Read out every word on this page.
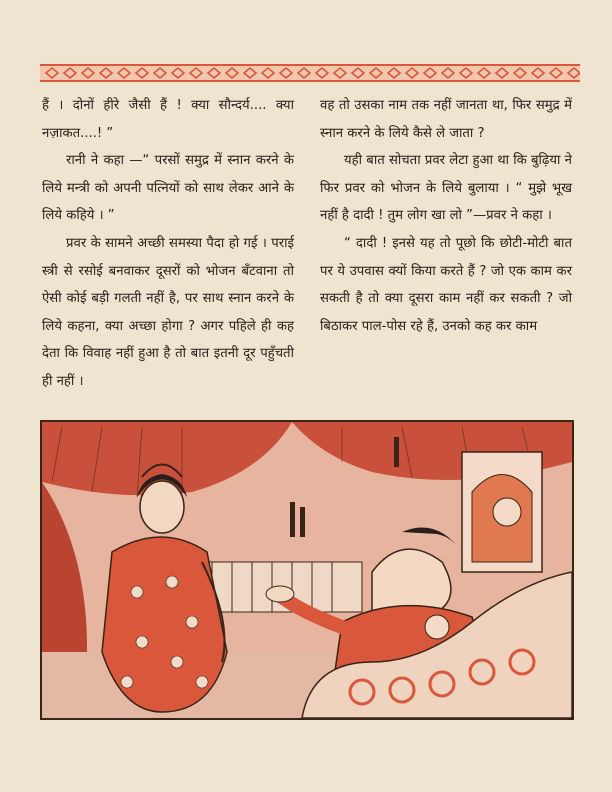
हैं । दोनों हीरे जैसी हैं ! क्या सौन्दर्य.... क्या नज़ाकत....! ”

रानी ने कहा —“ परसों समुद्र में स्नान करने के लिये मन्त्री को अपनी पत्नियों को साथ लेकर आने के लिये कहिये । ”

प्रवर के सामने अच्छी समस्या पैदा हो गई । पराई स्त्री से रसोई बनवाकर दूसरों को भोजन बँटवाना तो ऐसी कोई बड़ी गलती नहीं है, पर साथ स्नान करने के लिये कहना, क्या अच्छा होगा ? अगर पहिले ही कह देता कि विवाह नहीं हुआ है तो बात इतनी दूर पहुँचती ही नहीं ।

वह तो उसका नाम तक नहीं जानता था, फिर समुद्र में स्नान करने के लिये कैसे ले जाता ?

यही बात सोचता प्रवर लेटा हुआ था कि बुढ़िया ने फिर प्रवर को भोजन के लिये बुलाया । “ मुझे भूख नहीं है दादी ! तुम लोग खा लो ”—प्रवर ने कहा ।

“ दादी ! इनसे यह तो पूछो कि छोटी-मोटी बात पर ये उपवास क्यों किया करते हैं ? जो एक काम कर सकती है तो क्या दूसरा काम नहीं कर सकती ? जो बिठाकर पाल-पोस रहे हैं, उनको कह कर काम
